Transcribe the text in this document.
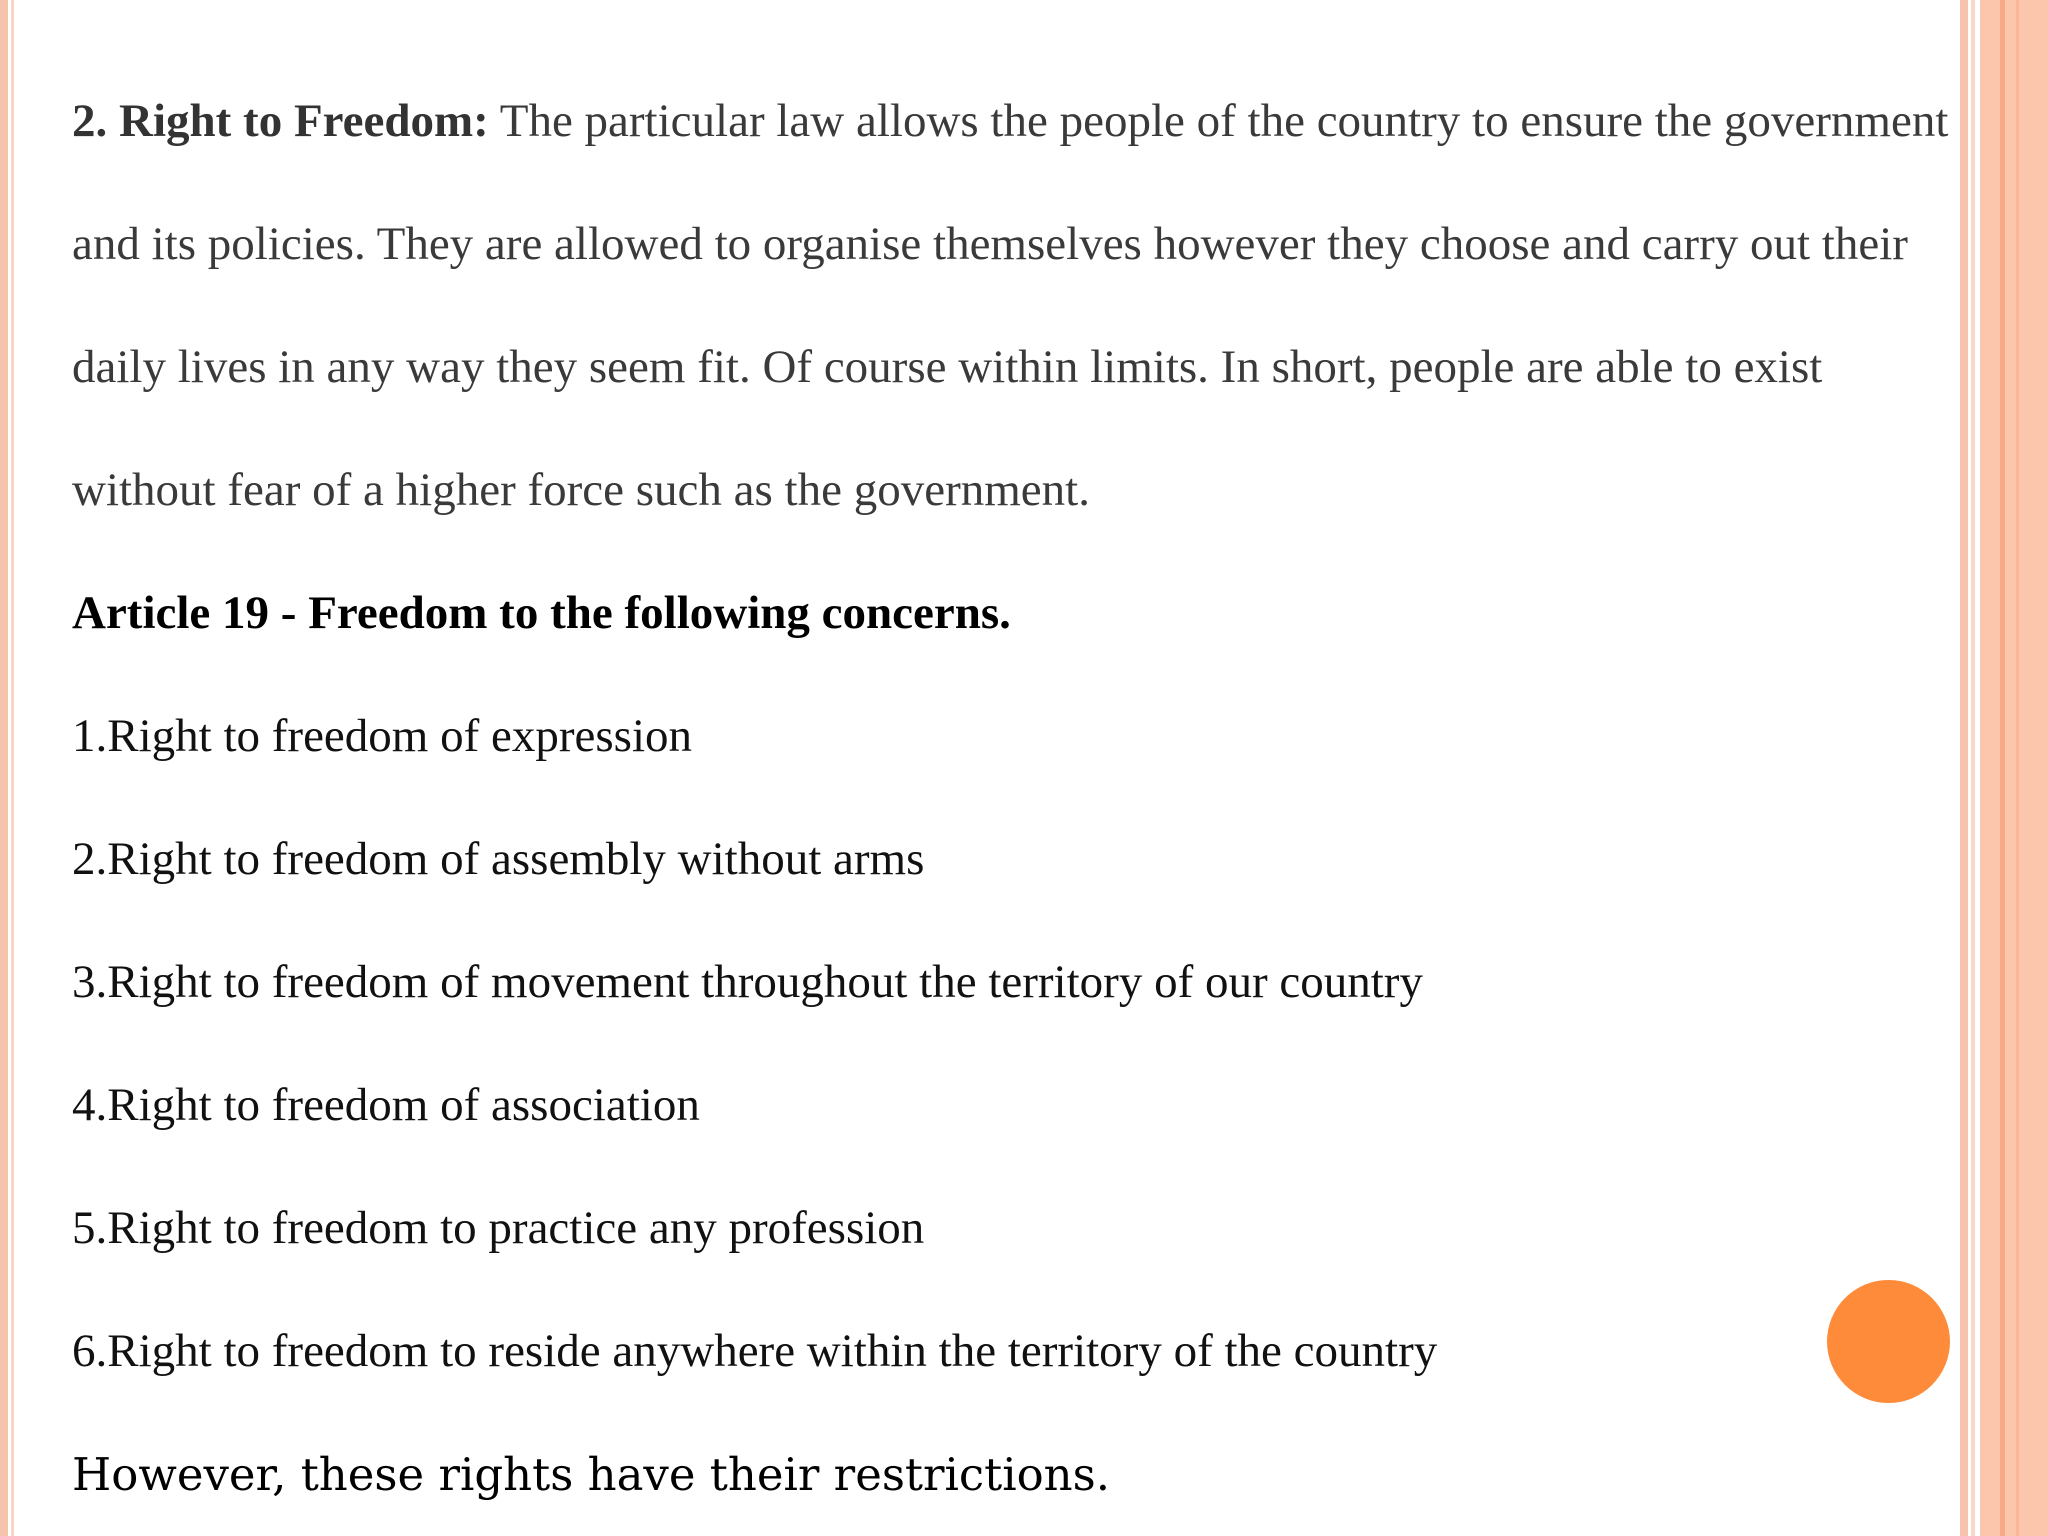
2. Right to Freedom: The particular law allows the people of the country to ensure the government and its policies. They are allowed to organise themselves however they choose and carry out their daily lives in any way they seem fit. Of course within limits. In short, people are able to exist without fear of a higher force such as the government.

Article 19 - Freedom to the following concerns.

1.Right to freedom of expression
2.Right to freedom of assembly without arms
3.Right to freedom of movement throughout the territory of our country
4.Right to freedom of association
5.Right to freedom to practice any profession
6.Right to freedom to reside anywhere within the territory of the country

However, these rights have their restrictions.
